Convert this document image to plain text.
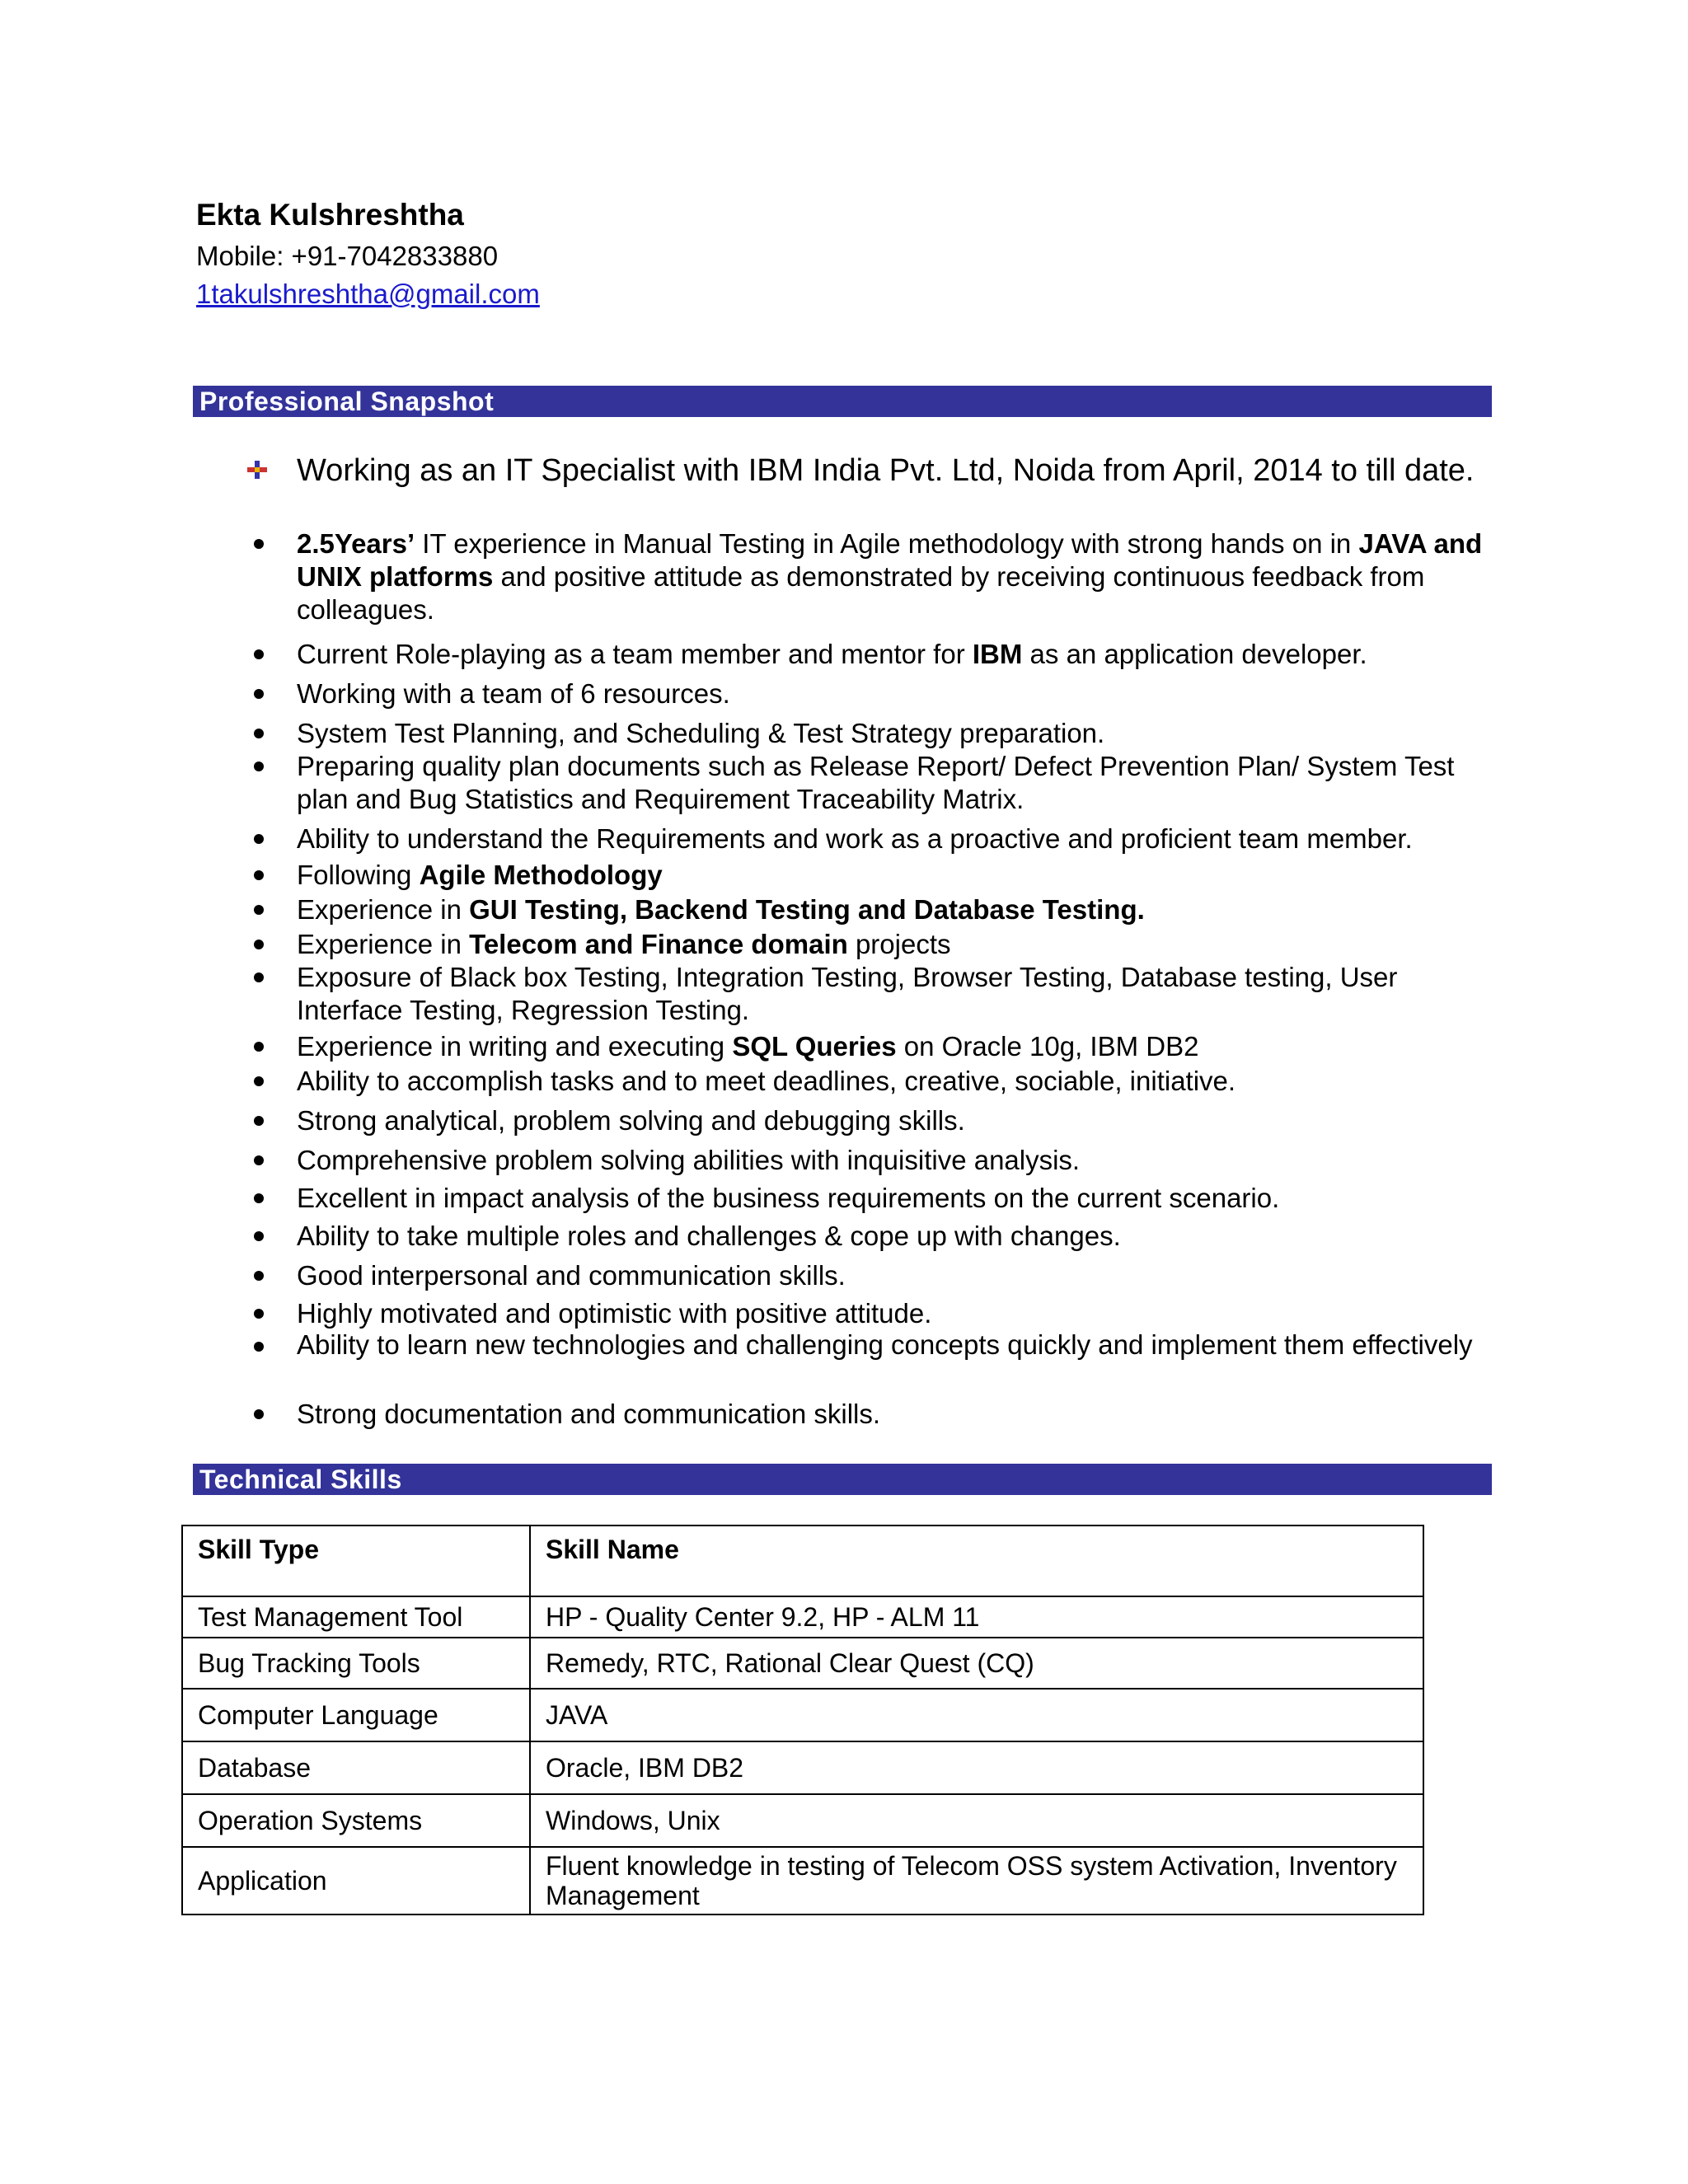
Ekta Kulshreshtha
Mobile: +91-7042833880
1takulshreshtha@gmail.com
Professional Snapshot
Working as an IT Specialist with IBM India Pvt. Ltd, Noida from April, 2014 to till date.
2.5Years’ IT experience in Manual Testing in Agile methodology with strong hands on in JAVA and UNIX platforms and positive attitude as demonstrated by receiving continuous feedback from colleagues.
Current Role-playing as a team member and mentor for IBM as an application developer.
Working with a team of 6 resources.
System Test Planning, and Scheduling & Test Strategy preparation.
Preparing quality plan documents such as Release Report/ Defect Prevention Plan/ System Test plan and Bug Statistics and Requirement Traceability Matrix.
Ability to understand the Requirements and work as a proactive and proficient team member.
Following Agile Methodology
Experience in GUI Testing, Backend Testing and Database Testing.
Experience in Telecom and Finance domain projects
Exposure of Black box Testing, Integration Testing, Browser Testing, Database testing, User Interface Testing, Regression Testing.
Experience in writing and executing SQL Queries on Oracle 10g, IBM DB2
Ability to accomplish tasks and to meet deadlines, creative, sociable, initiative.
Strong analytical, problem solving and debugging skills.
Comprehensive problem solving abilities with inquisitive analysis.
Excellent in impact analysis of the business requirements on the current scenario.
Ability to take multiple roles and challenges & cope up with changes.
Good interpersonal and communication skills.
Highly motivated and optimistic with positive attitude.
Ability to learn new technologies and challenging concepts quickly and implement them effectively
Strong documentation and communication skills.
Technical Skills
Skill Type	Skill Name
Test Management Tool	HP - Quality Center 9.2, HP - ALM 11
Bug Tracking Tools	Remedy, RTC, Rational Clear Quest (CQ)
Computer Language	JAVA
Database	Oracle, IBM DB2
Operation Systems	Windows, Unix
Application	Fluent knowledge in testing of Telecom OSS system Activation, Inventory Management
